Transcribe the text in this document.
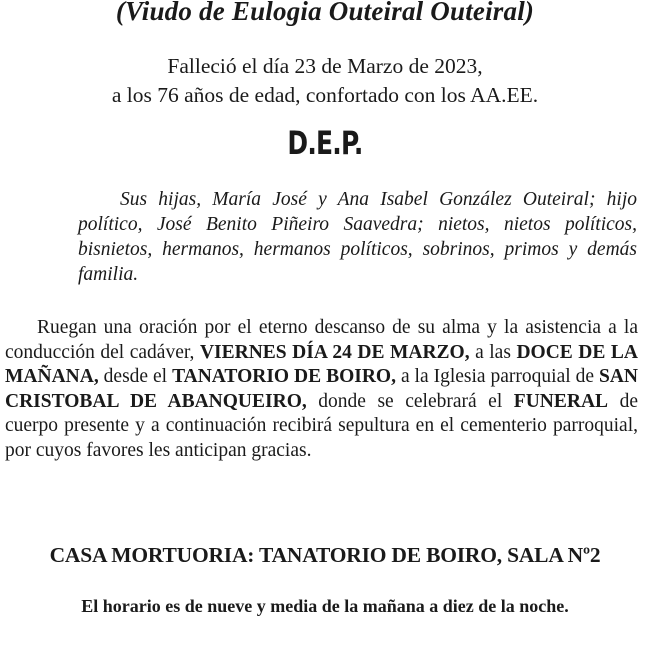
(Viudo de Eulogia Outeiral Outeiral)
Falleció el día 23 de Marzo de 2023,
a los 76 años de edad, confortado con los AA.EE.
D.E.P.
Sus hijas, María José y Ana Isabel González Outeiral; hijo político, José Benito Piñeiro Saavedra; nietos, nietos políticos, bisnietos, hermanos, hermanos políticos, sobrinos, primos y demás familia.
Ruegan una oración por el eterno descanso de su alma y la asistencia a la conducción del cadáver, VIERNES DÍA 24 DE MARZO, a las DOCE DE LA MAÑANA, desde el TANATORIO DE BOIRO, a la Iglesia parroquial de SAN CRISTOBAL DE ABANQUEIRO, donde se celebrará el FUNERAL de cuerpo presente y a continuación recibirá sepultura en el cementerio parroquial, por cuyos favores les anticipan gracias.
CASA MORTUORIA: TANATORIO DE BOIRO, SALA Nº2
El horario es de nueve y media de la mañana a diez de la noche.
